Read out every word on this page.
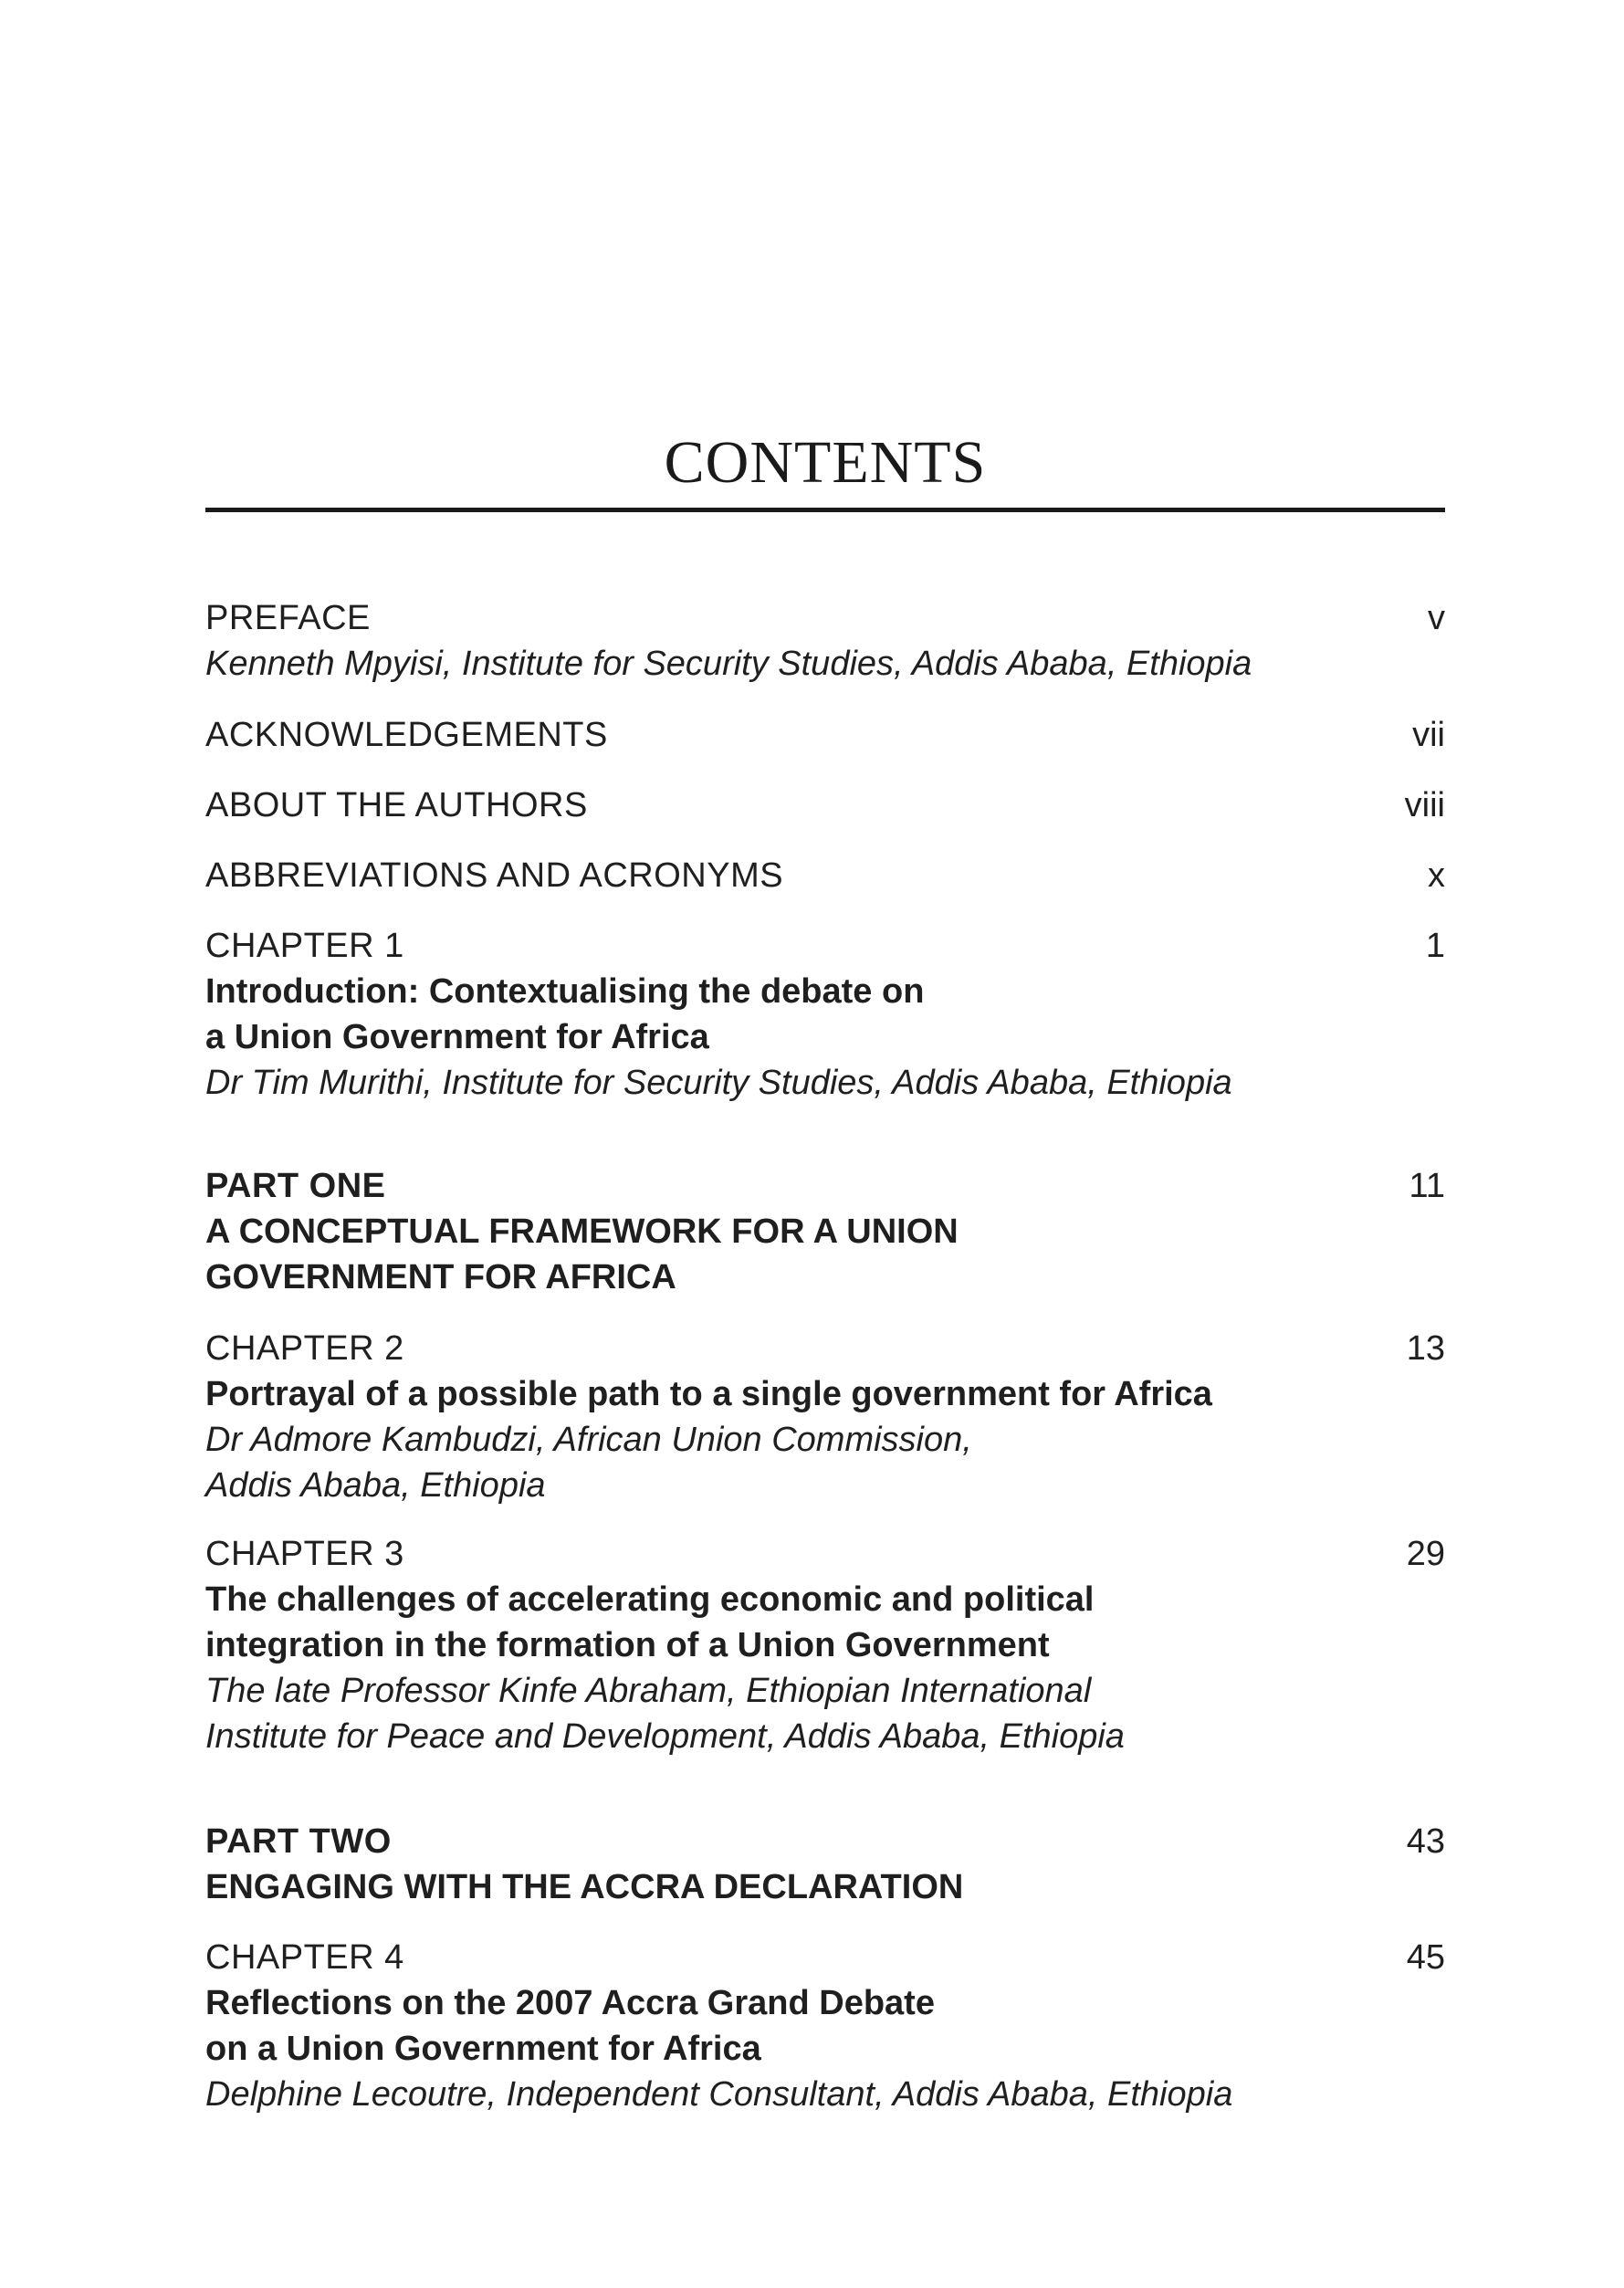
CONTENTS
PREFACE	v
Kenneth Mpyisi, Institute for Security Studies, Addis Ababa, Ethiopia
ACKNOWLEDGEMENTS	vii
ABOUT THE AUTHORS	viii
ABBREVIATIONS AND ACRONYMS	x
CHAPTER 1	1
Introduction: Contextualising the debate on
a Union Government for Africa
Dr Tim Murithi, Institute for Security Studies, Addis Ababa, Ethiopia
PART ONE	11
A CONCEPTUAL FRAMEWORK FOR A UNION
GOVERNMENT FOR AFRICA
CHAPTER 2	13
Portrayal of a possible path to a single government for Africa
Dr Admore Kambudzi, African Union Commission,
Addis Ababa, Ethiopia
CHAPTER 3	29
The challenges of accelerating economic and political
integration in the formation of a Union Government
The late Professor Kinfe Abraham, Ethiopian International
Institute for Peace and Development, Addis Ababa, Ethiopia
PART TWO	43
ENGAGING WITH THE ACCRA DECLARATION
CHAPTER 4	45
Reflections on the 2007 Accra Grand Debate
on a Union Government for Africa
Delphine Lecoutre, Independent Consultant, Addis Ababa, Ethiopia
